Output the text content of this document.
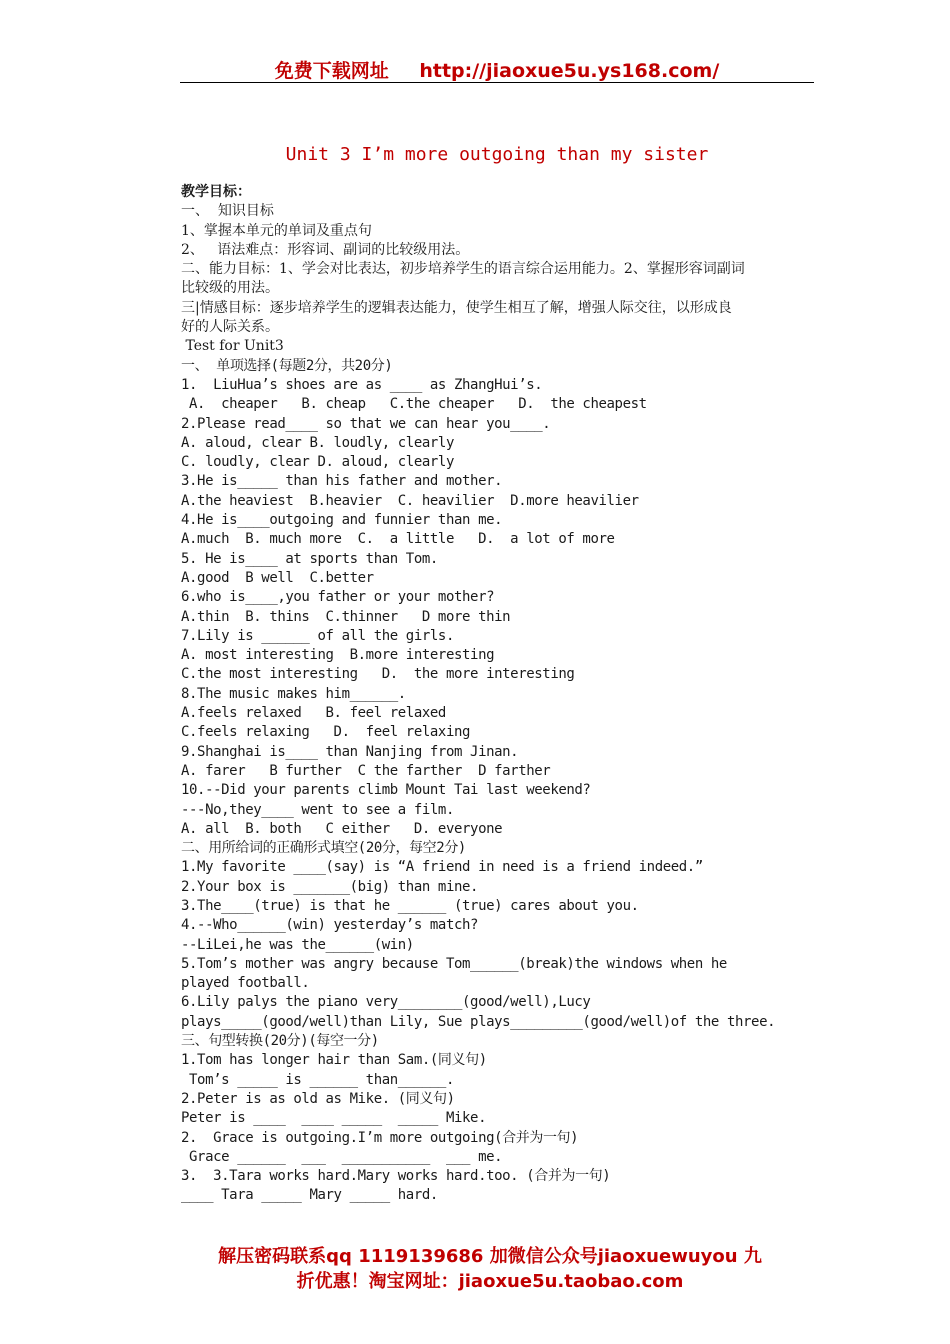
免费下载网址 http://jiaoxue5u.ys168.com/
Unit 3 I’m more outgoing than my sister
教学目标：
一、  知识目标
1、掌握本单元的单词及重点句
2、   语法难点：形容词、副词的比较级用法。
二、能力目标：1、学会对比表达，初步培养学生的语言综合运用能力。2、掌握形容词副词
比较级的用法。
三|情感目标：逐步培养学生的逻辑表达能力，使学生相互了解，增强人际交往，以形成良
好的人际关系。
Test for Unit3
一、 单项选择(每题2分，共20分)
1.  LiuHua’s shoes are as ____ as ZhangHui’s.
A.  cheaper   B. cheap   C.the cheaper   D.  the cheapest
2.Please read____ so that we can hear you____.
A. aloud, clear B. loudly, clearly
C. loudly, clear D. aloud, clearly
3.He is_____ than his father and mother.
A.the heaviest  B.heavier  C. heavilier  D.more heavilier
4.He is____outgoing and funnier than me.
A.much  B. much more  C.  a little   D.  a lot of more
5. He is____ at sports than Tom.
A.good  B well  C.better
6.who is____,you father or your mother?
A.thin  B. thins  C.thinner   D more thin
7.Lily is ______ of all the girls.
A. most interesting  B.more interesting
C.the most interesting   D.  the more interesting
8.The music makes him______.
A.feels relaxed   B. feel relaxed
C.feels relaxing   D.  feel relaxing
9.Shanghai is____ than Nanjing from Jinan.
A. farer   B further  C the farther  D farther
10.--Did your parents climb Mount Tai last weekend?
---No,they____ went to see a film.
A. all  B. both   C either   D. everyone
二、用所给词的正确形式填空(20分，每空2分)
1.My favorite ____(say) is “A friend in need is a friend indeed.”
2.Your box is _______(big) than mine.
3.The____(true) is that he ______ (true) cares about you.
4.--Who______(win) yesterday’s match?
--LiLei,he was the______(win)
5.Tom’s mother was angry because Tom______(break)the windows when he
played football.
6.Lily palys the piano very________(good/well),Lucy
plays_____(good/well)than Lily, Sue plays_________(good/well)of the three.
三、句型转换(20分)(每空一分)
1.Tom has longer hair than Sam.(同义句)
Tom’s _____ is ______ than______.
2.Peter is as old as Mike. (同义句)
Peter is ____  ____ _____  _____ Mike.
2.  Grace is outgoing.I’m more outgoing(合并为一句)
Grace ______  ___  ___________  ___ me.
3.  3.Tara works hard.Mary works hard.too. (合并为一句)
____ Tara _____ Mary _____ hard.
解压密码联系qq 1119139686 加微信公众号jiaoxuewuyou 九
折优惠！淘宝网址：jiaoxue5u.taobao.com
